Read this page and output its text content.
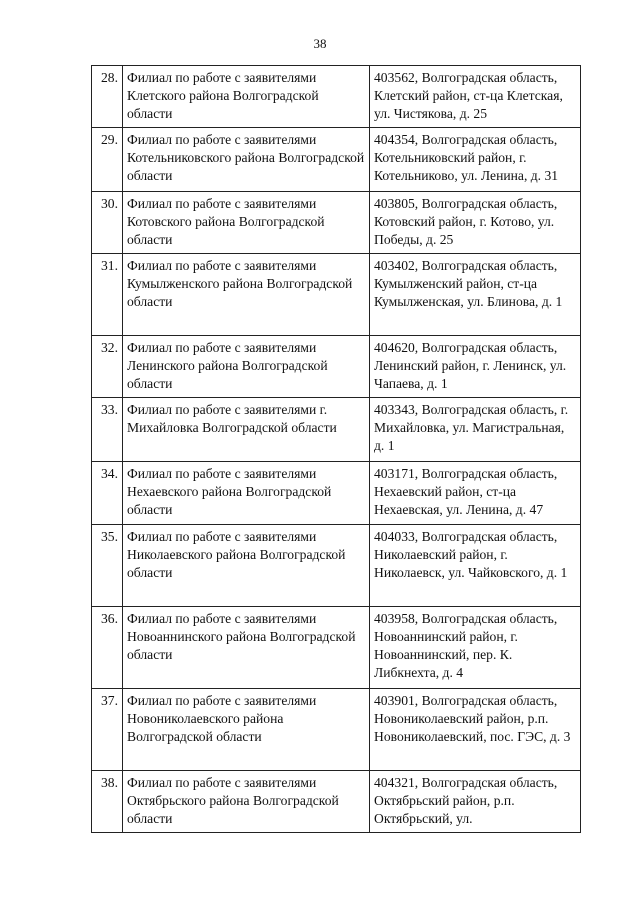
38
28.	Филиал по работе с заявителями Клетского района Волгоградской области	403562, Волгоградская область, Клетский район, ст-ца Клетская, ул. Чистякова, д. 25

29.	Филиал по работе с заявителями Котельниковского района Волгоградской области	404354, Волгоградская область, Котельниковский район, г. Котельниково, ул. Ленина, д. 31

30.	Филиал по работе с заявителями Котовского района Волгоградской области	403805, Волгоградская область, Котовский район, г. Котово, ул. Победы, д. 25

31.	Филиал по работе с заявителями Кумылженского района Волгоградской области	403402, Волгоградская область, Кумылженский район, ст-ца Кумылженская, ул. Блинова, д. 1

32.	Филиал по работе с заявителями Ленинского района Волгоградской области	404620, Волгоградская область, Ленинский район, г. Ленинск, ул. Чапаева, д. 1

33.	Филиал по работе с заявителями г. Михайловка Волгоградской области	403343, Волгоградская область, г. Михайловка, ул. Магистральная, д. 1

34.	Филиал по работе с заявителями Нехаевского района Волгоградской области	403171, Волгоградская область, Нехаевский район, ст-ца Нехаевская, ул. Ленина, д. 47

35.	Филиал по работе с заявителями Николаевского района Волгоградской области	404033, Волгоградская область, Николаевский район, г. Николаевск, ул. Чайковского, д. 1

36.	Филиал по работе с заявителями Новоаннинского района Волгоградской области	403958, Волгоградская область, Новоаннинский район, г. Новоаннинский, пер. К. Либкнехта, д. 4

37.	Филиал по работе с заявителями Новониколаевского района Волгоградской области	403901, Волгоградская область, Новониколаевский район, р.п. Новониколаевский, пос. ГЭС, д. 3

38.	Филиал по работе с заявителями Октябрьского района Волгоградской области	404321, Волгоградская область, Октябрьский район, р.п. Октябрьский, ул.
